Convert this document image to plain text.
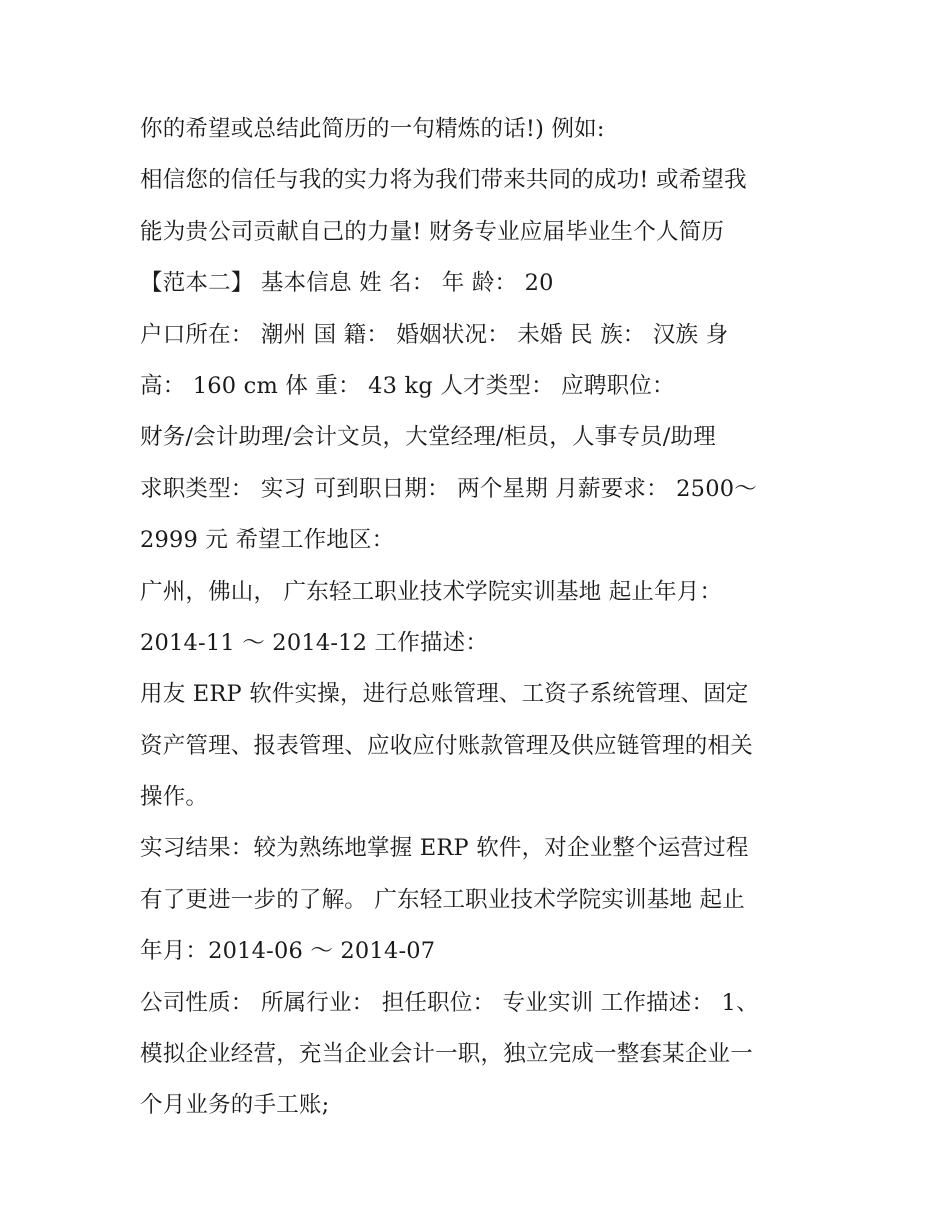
你的希望或总结此简历的一句精炼的话!) 例如:
相信您的信任与我的实力将为我们带来共同的成功! 或希望我
能为贵公司贡献自己的力量! 财务专业应届毕业生个人简历
【范本二】 基本信息 姓 名： 年 龄： 20
户口所在： 潮州 国 籍： 婚姻状况： 未婚 民 族： 汉族 身
高： 160 cm 体 重： 43 kg 人才类型： 应聘职位：
财务/会计助理/会计文员，大堂经理/柜员，人事专员/助理
求职类型： 实习 可到职日期： 两个星期 月薪要求： 2500～
2999 元 希望工作地区：
广州，佛山， 广东轻工职业技术学院实训基地 起止年月：
2014-11 ～ 2014-12 工作描述：
用友 ERP 软件实操，进行总账管理、工资子系统管理、固定
资产管理、报表管理、应收应付账款管理及供应链管理的相关
操作。
实习结果：较为熟练地掌握 ERP 软件，对企业整个运营过程
有了更进一步的了解。 广东轻工职业技术学院实训基地 起止
年月：2014-06 ～ 2014-07
公司性质： 所属行业： 担任职位： 专业实训 工作描述： 1、
模拟企业经营，充当企业会计一职，独立完成一整套某企业一
个月业务的手工账;
